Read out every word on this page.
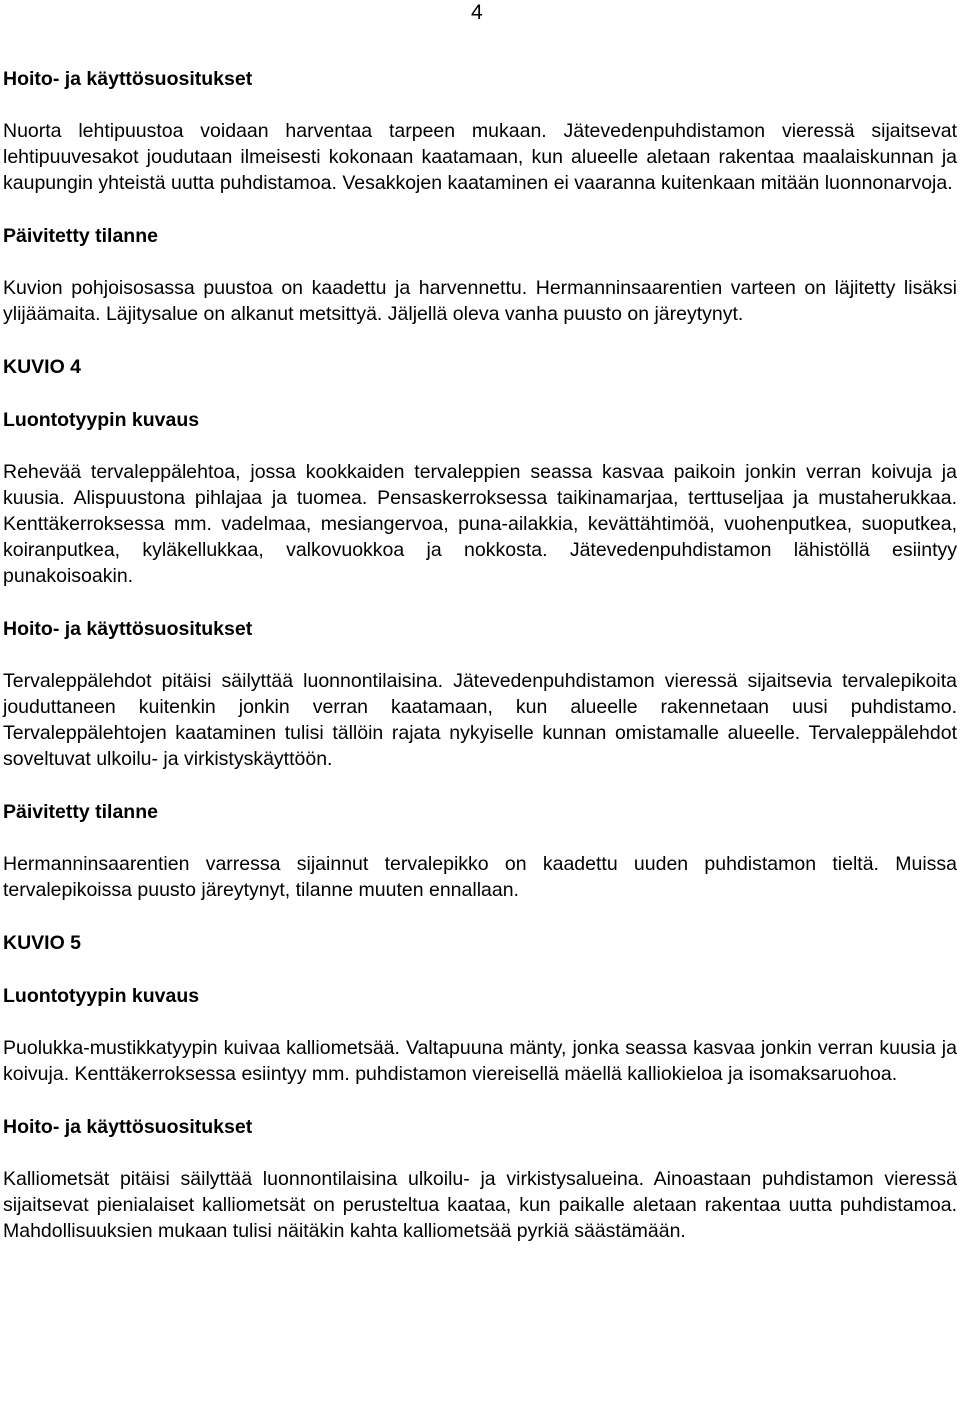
4
Hoito- ja käyttösuositukset

Nuorta lehtipuustoa voidaan harventaa tarpeen mukaan. Jätevedenpuhdistamon vieressä sijaitsevat lehtipuuvesakot joudutaan ilmeisesti kokonaan kaatamaan, kun alueelle aletaan rakentaa maalaiskunnan ja kaupungin yhteistä uutta puhdistamoa. Vesakkojen kaataminen ei vaaranna kuitenkaan mitään luonnonarvoja.

Päivitetty tilanne

Kuvion pohjoisosassa puustoa on kaadettu ja harvennettu. Hermanninsaarentien varteen on läjitetty lisäksi ylijäämaita. Läjitysalue on alkanut metsittyä. Jäljellä oleva vanha puusto on järeytynyt.

KUVIO 4
Luontotyypin kuvaus

Rehevää tervaleppälehtoa, jossa kookkaiden tervaleppien seassa kasvaa paikoin jonkin verran koivuja ja kuusia. Alispuustona pihlajaa ja tuomea. Pensaskerroksessa taikinamarjaa, terttuseljaa ja mustaherukkaa. Kenttäkerroksessa mm. vadelmaa, mesiangervoa, puna-ailakkia, kevättähtimöä, vuohenputkea, suoputkea, koiranputkea, kyläkellukkaa, valkovuokkoa ja nokkosta. Jätevedenpuhdistamon lähistöllä esiintyy punakoisoakin.

Hoito- ja käyttösuositukset

Tervaleppälehdot pitäisi säilyttää luonnontilaisina. Jätevedenpuhdistamon vieressä sijaitsevia tervalepikoita jouduttaneen kuitenkin jonkin verran kaatamaan, kun alueelle rakennetaan uusi puhdistamo. Tervaleppälehtojen kaataminen tulisi tällöin rajata nykyiselle kunnan omistamalle alueelle. Tervaleppälehdot soveltuvat ulkoilu- ja virkistyskäyttöön.

Päivitetty tilanne

Hermanninsaarentien varressa sijainnut tervalepikko on kaadettu uuden puhdistamon tieltä. Muissa tervalepikoissa puusto järeytynyt, tilanne muuten ennallaan.

KUVIO 5
Luontotyypin kuvaus

Puolukka-mustikkatyypin kuivaa kalliometsää. Valtapuuna mänty, jonka seassa kasvaa jonkin verran kuusia ja koivuja. Kenttäkerroksessa esiintyy mm. puhdistamon viereisellä mäellä kalliokieloa ja isomaksaruohoa.

Hoito- ja käyttösuositukset

Kalliometsät pitäisi säilyttää luonnontilaisina ulkoilu- ja virkistysalueina. Ainoastaan puhdistamon vieressä sijaitsevat pienialaiset kalliometsät on perusteltua kaataa, kun paikalle aletaan rakentaa uutta puhdistamoa. Mahdollisuuksien mukaan tulisi näitäkin kahta kalliometsää pyrkiä säästämään.
